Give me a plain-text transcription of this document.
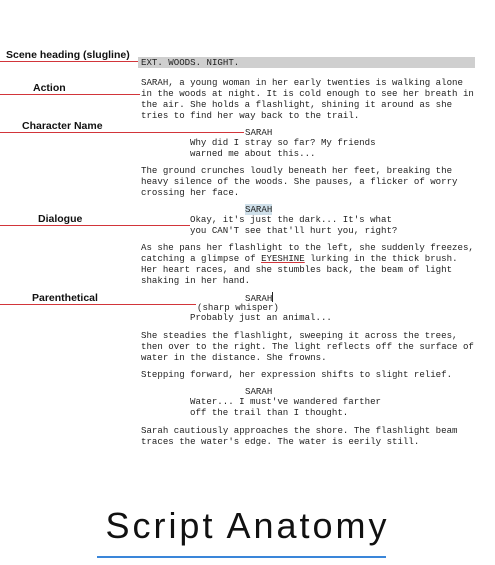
Scene heading (slugline)
Action
Character Name
Dialogue
Parenthetical
EXT. WOODS. NIGHT.
SARAH, a young woman in her early twenties is walking alone
in the woods at night. It is cold enough to see her breath in
the air. She holds a flashlight, shining it around as she
tries to find her way back to the trail.
SARAH
Why did I stray so far? My friends
warned me about this...
The ground crunches loudly beneath her feet, breaking the
heavy silence of the woods. She pauses, a flicker of worry
crossing her face.
SARAH
Okay, it's just the dark... It's what
you CAN'T see that'll hurt you, right?
As she pans her flashlight to the left, she suddenly freezes,
catching a glimpse of EYESHINE lurking in the thick brush.
Her heart races, and she stumbles back, the beam of light
shaking in her hand.
SARAH
(sharp whisper)
Probably just an animal...
She steadies the flashlight, sweeping it across the trees,
then over to the right. The light reflects off the surface of
water in the distance. She frowns.
Stepping forward, her expression shifts to slight relief.
SARAH
Water... I must've wandered farther
off the trail than I thought.
Sarah cautiously approaches the shore. The flashlight beam
traces the water's edge. The water is eerily still.
Script Anatomy
